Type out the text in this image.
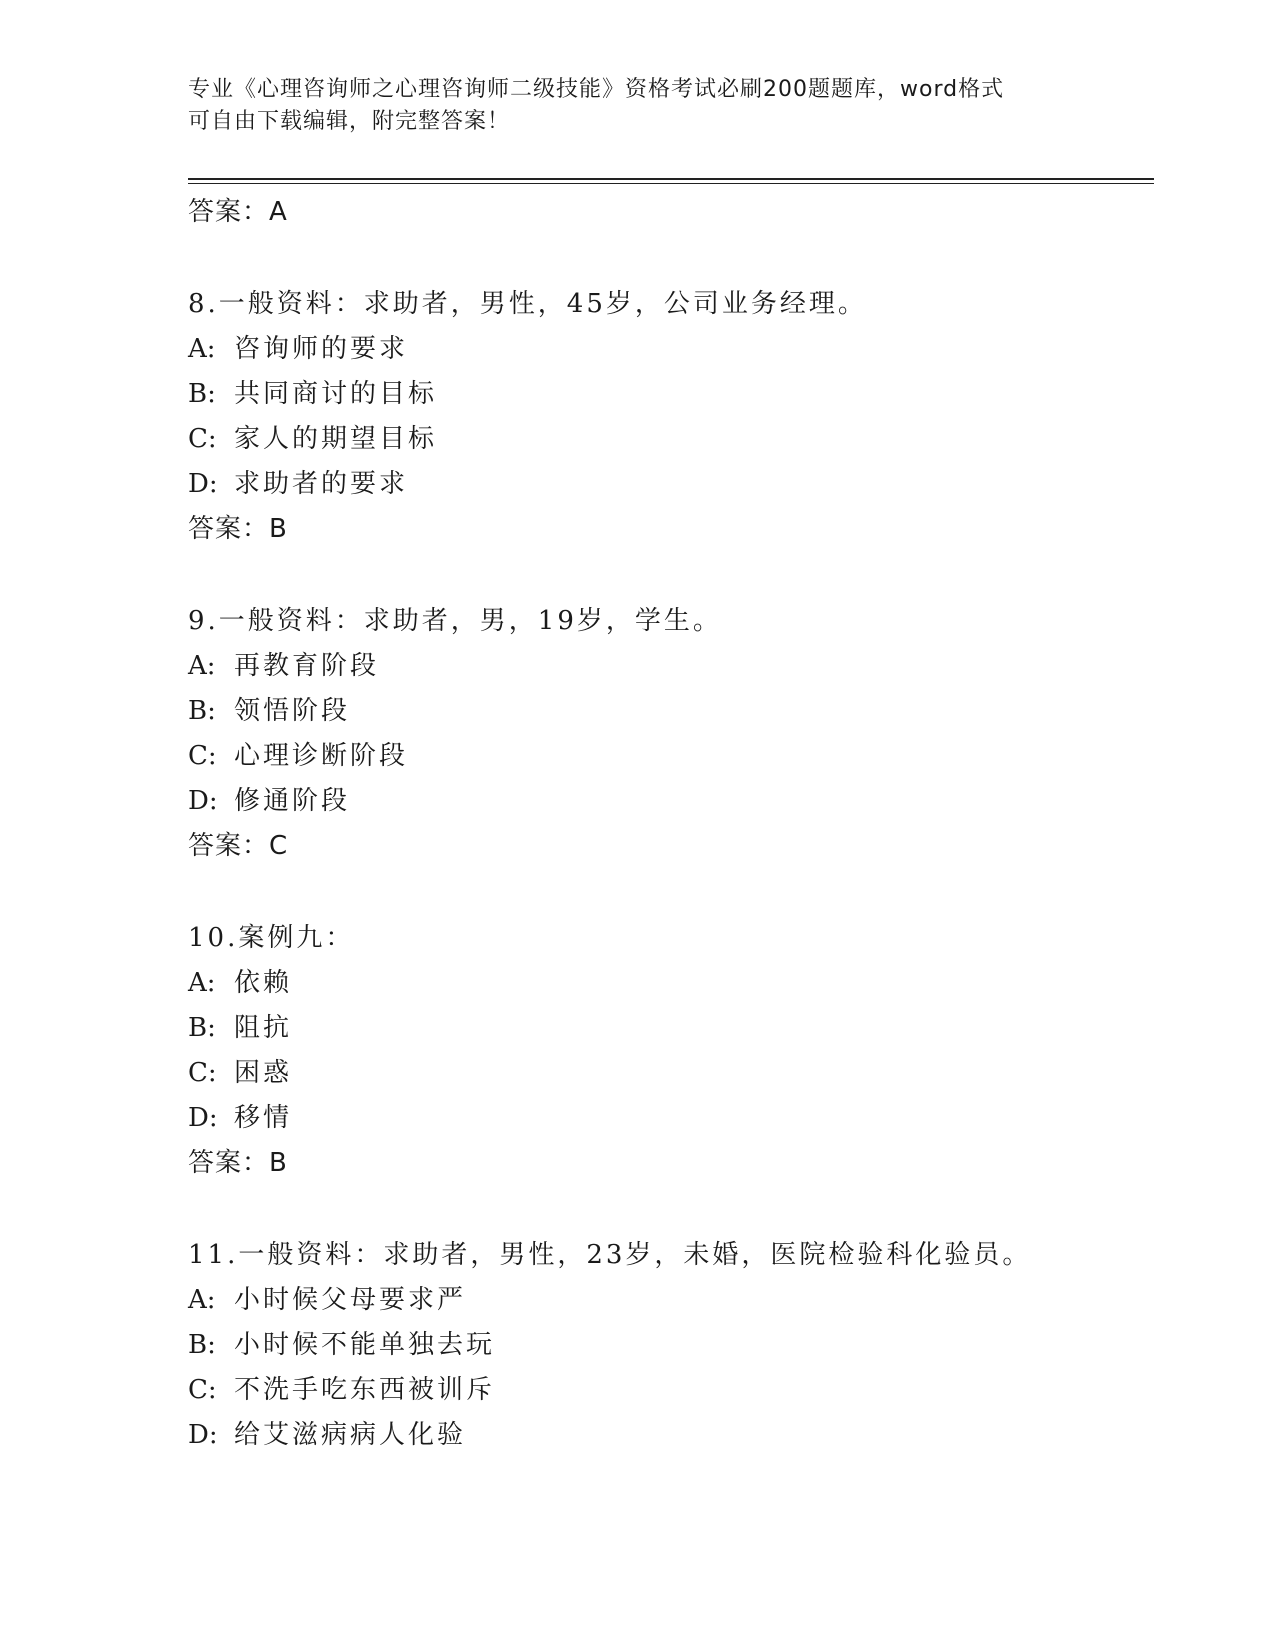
专业《心理咨询师之心理咨询师二级技能》资格考试必刷200题题库，word格式
可自由下载编辑，附完整答案！
答案：A
8.一般资料：求助者，男性，45岁，公司业务经理。
A: 咨询师的要求
B: 共同商讨的目标
C: 家人的期望目标
D: 求助者的要求
答案：B
9.一般资料：求助者，男，19岁，学生。
A: 再教育阶段
B: 领悟阶段
C: 心理诊断阶段
D: 修通阶段
答案：C
10.案例九：
A: 依赖
B: 阻抗
C: 困惑
D: 移情
答案：B
11.一般资料：求助者，男性，23岁，未婚，医院检验科化验员。
A: 小时候父母要求严
B: 小时候不能单独去玩
C: 不洗手吃东西被训斥
D: 给艾滋病病人化验
